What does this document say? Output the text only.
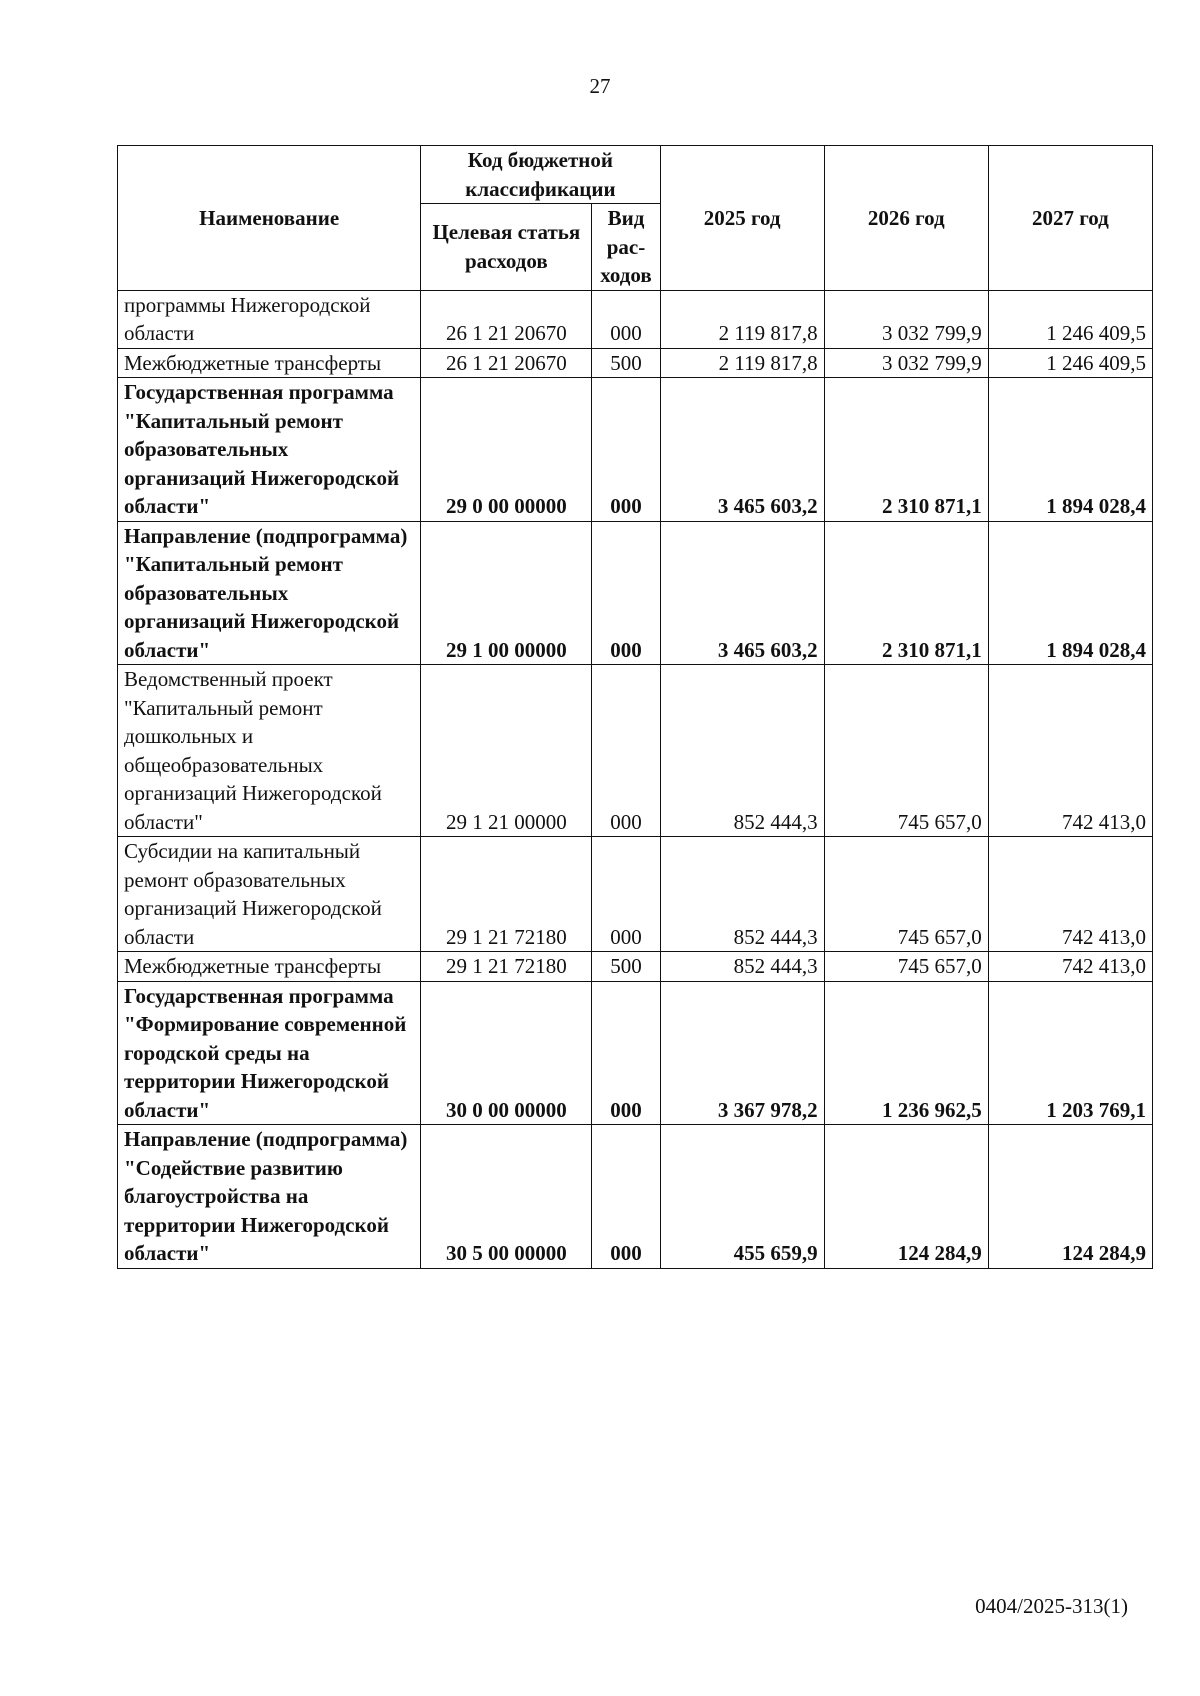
27
Наименование	Код бюджетной классификации		2025 год	2026 год	2027 год
	Целевая статья расходов	Вид рас-ходов			
программы Нижегородской области	26 1 21 20670	000	2 119 817,8	3 032 799,9	1 246 409,5
Межбюджетные трансферты	26 1 21 20670	500	2 119 817,8	3 032 799,9	1 246 409,5
Государственная программа "Капитальный ремонт образовательных организаций Нижегородской области"	29 0 00 00000	000	3 465 603,2	2 310 871,1	1 894 028,4
Направление (подпрограмма) "Капитальный ремонт образовательных организаций Нижегородской области"	29 1 00 00000	000	3 465 603,2	2 310 871,1	1 894 028,4
Ведомственный проект "Капитальный ремонт дошкольных и общеобразовательных организаций Нижегородской области"	29 1 21 00000	000	852 444,3	745 657,0	742 413,0
Субсидии на капитальный ремонт образовательных организаций Нижегородской области	29 1 21 72180	000	852 444,3	745 657,0	742 413,0
Межбюджетные трансферты	29 1 21 72180	500	852 444,3	745 657,0	742 413,0
Государственная программа "Формирование современной городской среды на территории Нижегородской области"	30 0 00 00000	000	3 367 978,2	1 236 962,5	1 203 769,1
Направление (подпрограмма) "Содействие развитию благоустройства на территории Нижегородской области"	30 5 00 00000	000	455 659,9	124 284,9	124 284,9
0404/2025-313(1)
